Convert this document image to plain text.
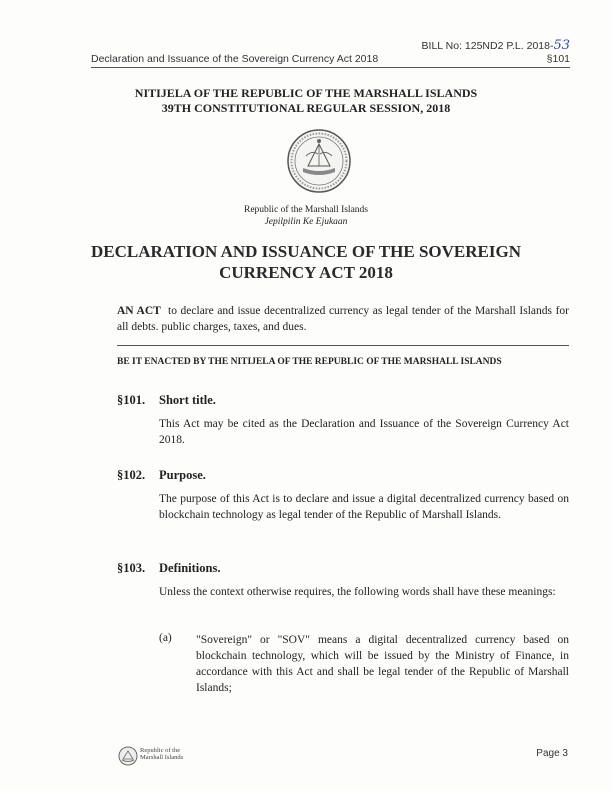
BILL No: 125ND2 P.L. 2018-53
Declaration and Issuance of the Sovereign Currency Act 2018	§101
NITIJELA OF THE REPUBLIC OF THE MARSHALL ISLANDS
39TH CONSTITUTIONAL REGULAR SESSION, 2018
Republic of the Marshall Islands
Jepilpilin Ke Ejukaan
DECLARATION AND ISSUANCE OF THE SOVEREIGN
CURRENCY ACT 2018
AN ACT to declare and issue decentralized currency as legal tender of the Marshall Islands for all debts. public charges, taxes, and dues.
BE IT ENACTED BY THE NITIJELA OF THE REPUBLIC OF THE MARSHALL ISLANDS
§101. Short title.
This Act may be cited as the Declaration and Issuance of the Sovereign Currency Act 2018.
§102. Purpose.
The purpose of this Act is to declare and issue a digital decentralized currency based on blockchain technology as legal tender of the Republic of Marshall Islands.
§103. Definitions.
Unless the context otherwise requires, the following words shall have these meanings:
(a) "Sovereign" or "SOV" means a digital decentralized currency based on blockchain technology, which will be issued by the Ministry of Finance, in accordance with this Act and shall be legal tender of the Republic of Marshall Islands;
Republic of the
Marshall Islands	Page 3
